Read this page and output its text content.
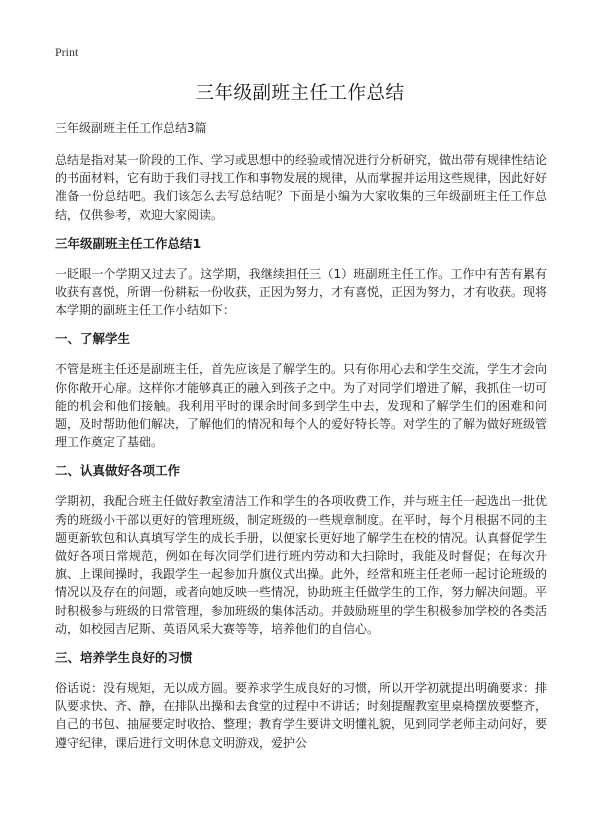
Print
三年级副班主任工作总结
三年级副班主任工作总结3篇

总结是指对某一阶段的工作、学习或思想中的经验或情况进行分析研究，做出带有规律性结论的书面材料，它有助于我们寻找工作和事物发展的规律，从而掌握并运用这些规律，因此好好准备一份总结吧。我们该怎么去写总结呢？下面是小编为大家收集的三年级副班主任工作总结，仅供参考，欢迎大家阅读。

三年级副班主任工作总结1

一眨眼一个学期又过去了。这学期，我继续担任三（1）班副班主任工作。工作中有苦有累有收获有喜悦，所谓一份耕耘一份收获，正因为努力，才有喜悦，正因为努力，才有收获。现将本学期的副班主任工作小结如下：

一、了解学生

不管是班主任还是副班主任，首先应该是了解学生的。只有你用心去和学生交流，学生才会向你你敞开心扉。这样你才能够真正的融入到孩子之中。为了对同学们增进了解，我抓住一切可能的机会和他们接触。我利用平时的课余时间多到学生中去，发现和了解学生们的困难和问题，及时帮助他们解决，了解他们的情况和每个人的爱好特长等。对学生的了解为做好班级管理工作奠定了基础。

二、认真做好各项工作

学期初，我配合班主任做好教室清洁工作和学生的各项收费工作，并与班主任一起选出一批优秀的班级小干部以更好的管理班级，制定班级的一些规章制度。在平时，每个月根据不同的主题更新软包和认真填写学生的成长手册，以便家长更好地了解学生在校的情况。认真督促学生做好各项日常规范，例如在每次同学们进行班内劳动和大扫除时，我能及时督促；在每次升旗、上课间操时，我跟学生一起参加升旗仪式出操。此外，经常和班主任老师一起讨论班级的情况以及存在的问题，或者向她反映一些情况，协助班主任做学生的工作，努力解决问题。平时积极参与班级的日常管理，参加班级的集体活动。并鼓励班里的学生积极参加学校的各类活动，如校园吉尼斯、英语风采大赛等等，培养他们的自信心。

三、培养学生良好的习惯

俗话说：没有规矩，无以成方圆。要养求学生成良好的习惯，所以开学初就提出明确要求：排队要求快、齐、静，在排队出操和去食堂的过程中不讲话；时刻提醒教室里桌椅摆放要整齐，自己的书包、抽屉要定时收拾、整理；教育学生要讲文明懂礼貌，见到同学老师主动问好，要遵守纪律，课后进行文明休息文明游戏，爱护公
